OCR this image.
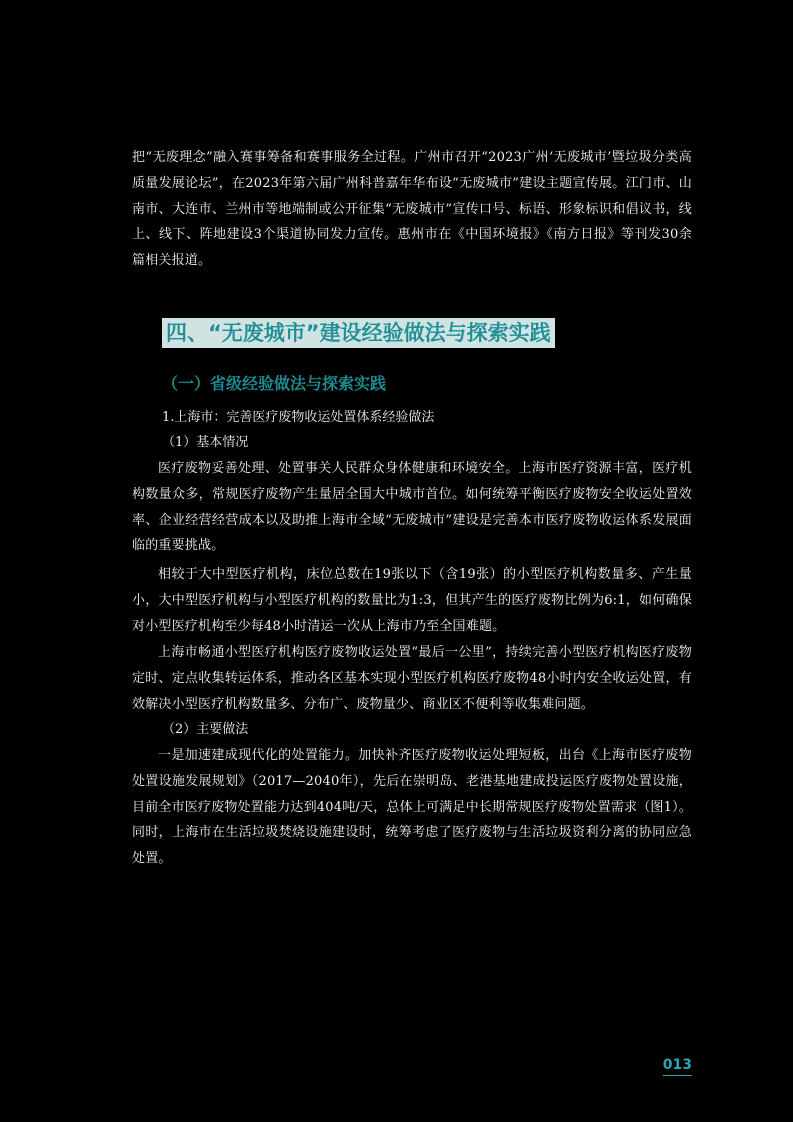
把“无废理念”融入赛事筹备和赛事服务全过程。广州市召开“2023广州‘无废城市’暨垃圾分类高质量发展论坛”，在2023年第六届广州科普嘉年华布设“无废城市”建设主题宣传展。江门市、山南市、大连市、兰州市等地端制或公开征集“无废城市”宣传口号、标语、形象标识和倡议书，线上、线下、阵地建设3个渠道协同发力宣传。惠州市在《中国环境报》《南方日报》等刊发30余篇相关报道。

四、“无废城市”建设经验做法与探索实践
（一）省级经验做法与探索实践
1.上海市：完善医疗废物收运处置体系经验做法
（1）基本情况

医疗废物妥善处理、处置事关人民群众身体健康和环境安全。上海市医疗资源丰富，医疗机构数量众多，常规医疗废物产生量居全国大中城市首位。如何统筹平衡医疗废物安全收运处置效率、企业经营经营成本以及助推上海市全域“无废城市”建设是完善本市医疗废物收运体系发展面临的重要挑战。

相较于大中型医疗机构，床位总数在19张以下（含19张）的小型医疗机构数量多、产生量小，大中型医疗机构与小型医疗机构的数量比为1:3，但其产生的医疗废物比例为6:1，如何确保对小型医疗机构至少每48小时清运一次从上海市乃至全国难题。

上海市畅通小型医疗机构医疗废物收运处置“最后一公里”，持续完善小型医疗机构医疗废物定时、定点收集转运体系，推动各区基本实现小型医疗机构医疗废物48小时内安全收运处置，有效解决小型医疗机构数量多、分布广、废物量少、商业区不便利等收集难问题。

（2）主要做法

一是加速建成现代化的处置能力。加快补齐医疗废物收运处理短板，出台《上海市医疗废物处置设施发展规划》（2017—2040年），先后在崇明岛、老港基地建成投运医疗废物处置设施，目前全市医疗废物处置能力达到404吨/天，总体上可满足中长期常规医疗废物处置需求（图1）。同时，上海市在生活垃圾焚烧设施建设时，统筹考虑了医疗废物与生活垃圾资利分离的协同应急处置。

013
